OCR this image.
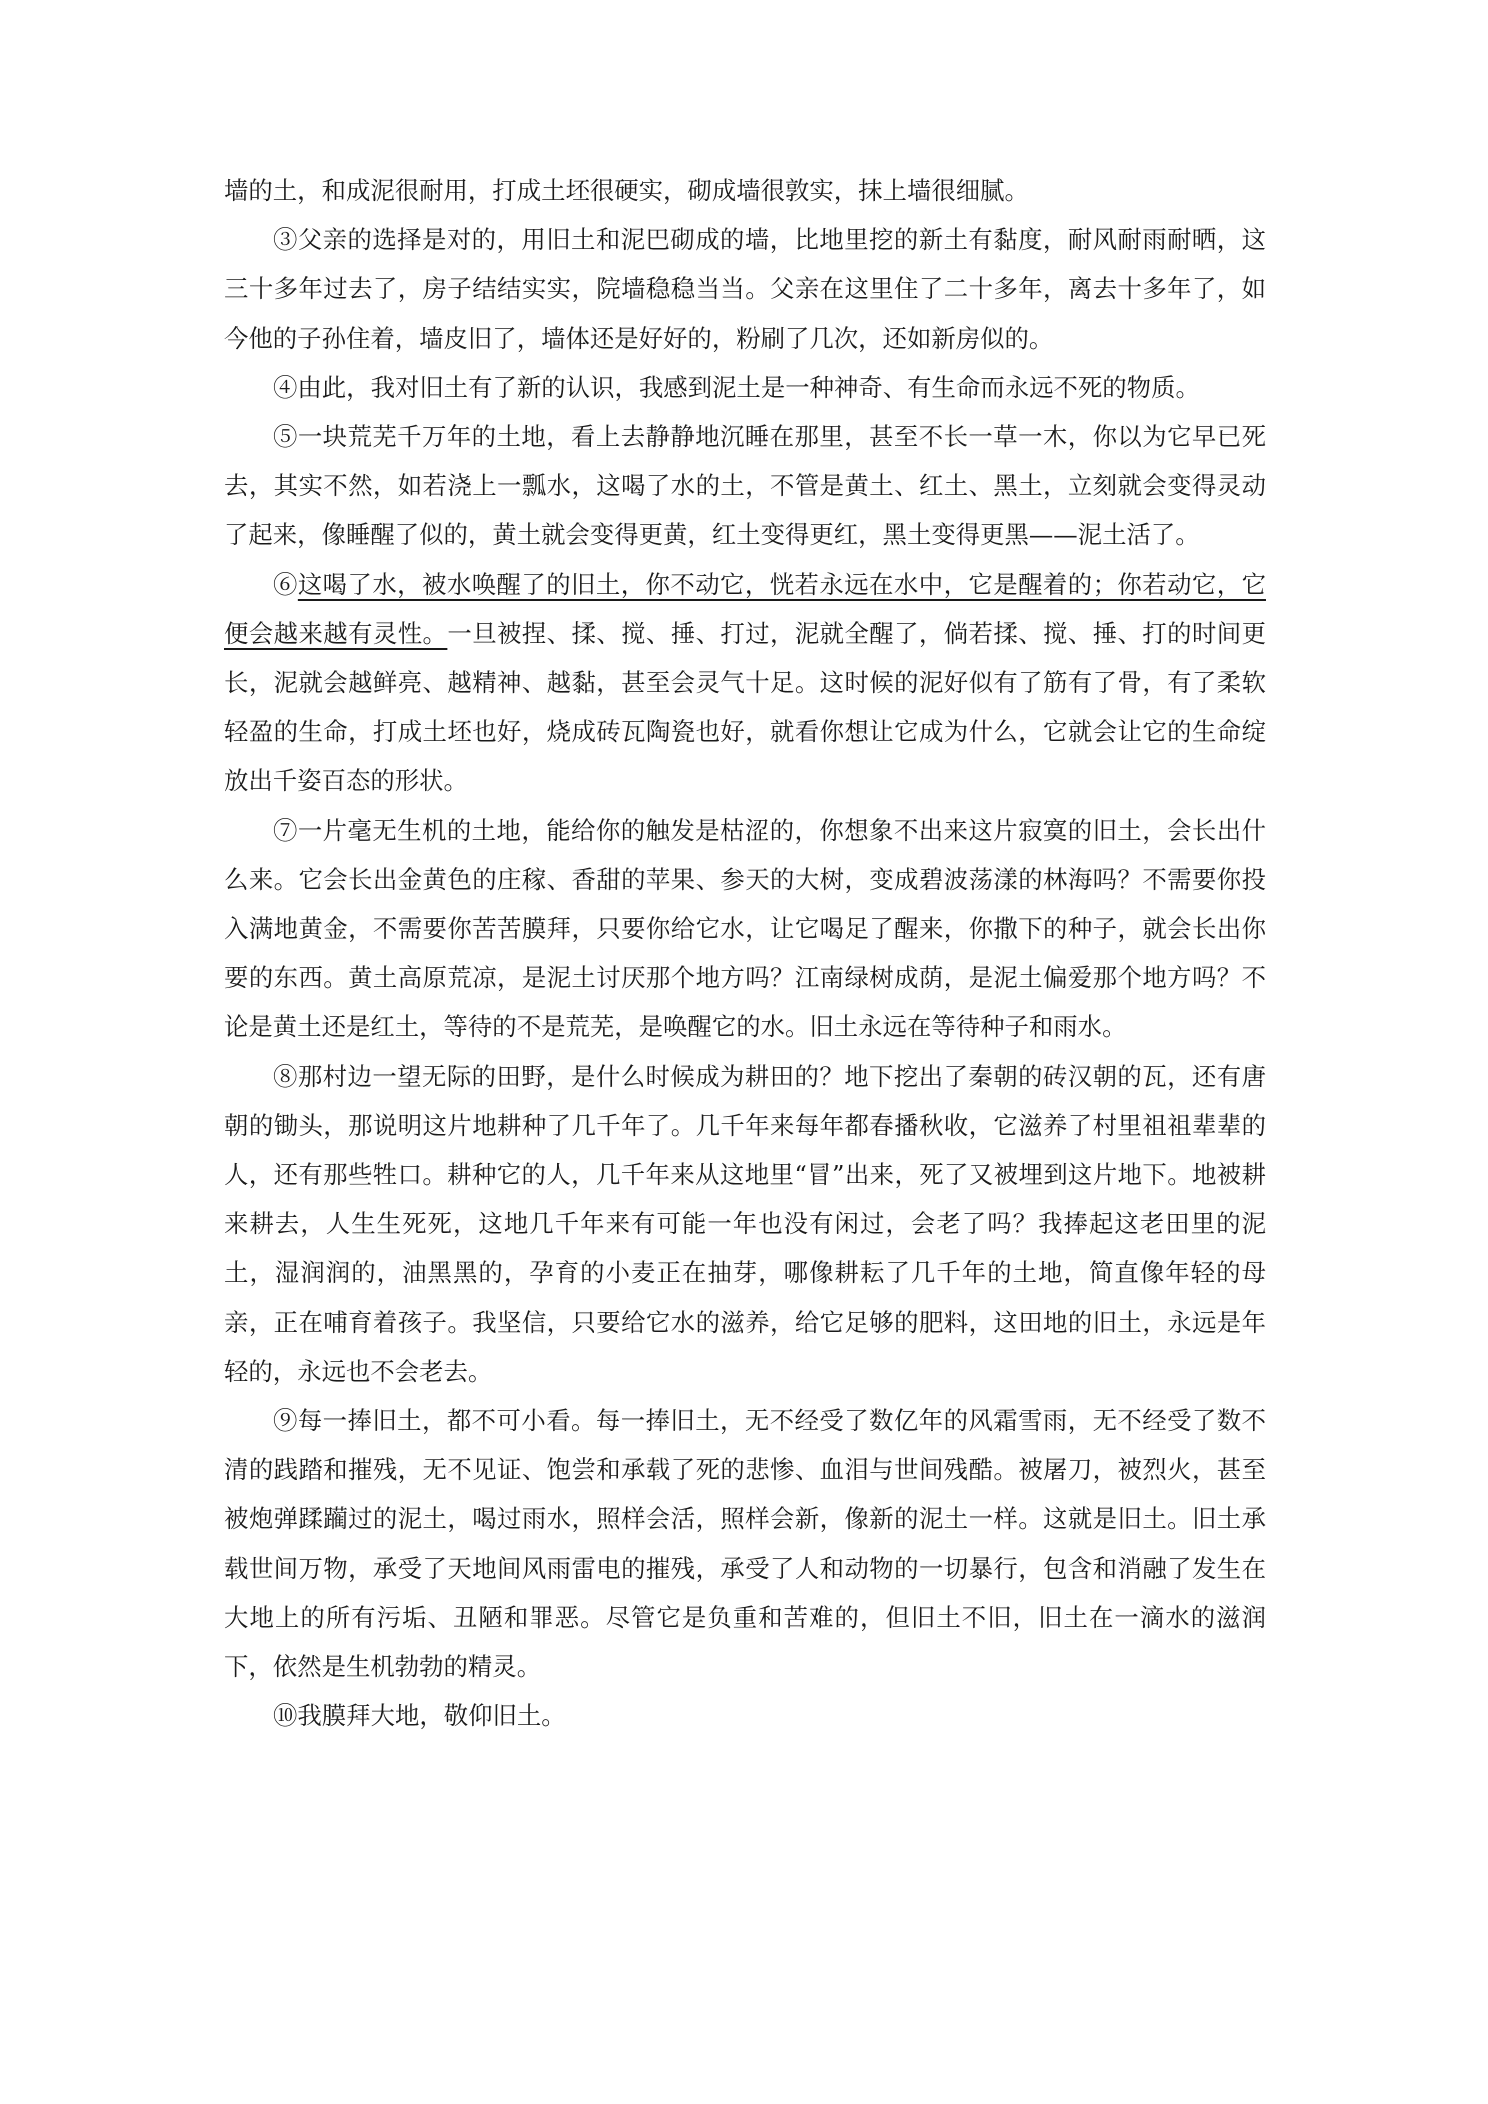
墙的土，和成泥很耐用，打成土坯很硬实，砌成墙很敦实，抹上墙很细腻。

③父亲的选择是对的，用旧土和泥巴砌成的墙，比地里挖的新土有黏度，耐风耐雨耐晒，这三十多年过去了，房子结结实实，院墙稳稳当当。父亲在这里住了二十多年，离去十多年了，如今他的子孙住着，墙皮旧了，墙体还是好好的，粉刷了几次，还如新房似的。

④由此，我对旧土有了新的认识，我感到泥土是一种神奇、有生命而永远不死的物质。

⑤一块荒芜千万年的土地，看上去静静地沉睡在那里，甚至不长一草一木，你以为它早已死去，其实不然，如若浇上一瓢水，这喝了水的土，不管是黄土、红土、黑土，立刻就会变得灵动了起来，像睡醒了似的，黄土就会变得更黄，红土变得更红，黑土变得更黑——泥土活了。

⑥这喝了水，被水唤醒了的旧土，你不动它，恍若永远在水中，它是醒着的；你若动它，它便会越来越有灵性。一旦被捏、揉、搅、捶、打过，泥就全醒了，倘若揉、搅、捶、打的时间更长，泥就会越鲜亮、越精神、越黏，甚至会灵气十足。这时候的泥好似有了筋有了骨，有了柔软轻盈的生命，打成土坯也好，烧成砖瓦陶瓷也好，就看你想让它成为什么，它就会让它的生命绽放出千姿百态的形状。

⑦一片毫无生机的土地，能给你的触发是枯涩的，你想象不出来这片寂寞的旧土，会长出什么来。它会长出金黄色的庄稼、香甜的苹果、参天的大树，变成碧波荡漾的林海吗？不需要你投入满地黄金，不需要你苦苦膜拜，只要你给它水，让它喝足了醒来，你撒下的种子，就会长出你要的东西。黄土高原荒凉，是泥土讨厌那个地方吗？江南绿树成荫，是泥土偏爱那个地方吗？不论是黄土还是红土，等待的不是荒芜，是唤醒它的水。旧土永远在等待种子和雨水。

⑧那村边一望无际的田野，是什么时候成为耕田的？地下挖出了秦朝的砖汉朝的瓦，还有唐朝的锄头，那说明这片地耕种了几千年了。几千年来每年都春播秋收，它滋养了村里祖祖辈辈的人，还有那些牲口。耕种它的人，几千年来从这地里“冒”出来，死了又被埋到这片地下。地被耕来耕去，人生生死死，这地几千年来有可能一年也没有闲过，会老了吗？我捧起这老田里的泥土，湿润润的，油黑黑的，孕育的小麦正在抽芽，哪像耕耘了几千年的土地，简直像年轻的母亲，正在哺育着孩子。我坚信，只要给它水的滋养，给它足够的肥料，这田地的旧土，永远是年轻的，永远也不会老去。

⑨每一捧旧土，都不可小看。每一捧旧土，无不经受了数亿年的风霜雪雨，无不经受了数不清的践踏和摧残，无不见证、饱尝和承载了死的悲惨、血泪与世间残酷。被屠刀，被烈火，甚至被炮弹蹂躏过的泥土，喝过雨水，照样会活，照样会新，像新的泥土一样。这就是旧土。旧土承载世间万物，承受了天地间风雨雷电的摧残，承受了人和动物的一切暴行，包含和消融了发生在大地上的所有污垢、丑陋和罪恶。尽管它是负重和苦难的，但旧土不旧，旧土在一滴水的滋润下，依然是生机勃勃的精灵。

⑩我膜拜大地，敬仰旧土。
